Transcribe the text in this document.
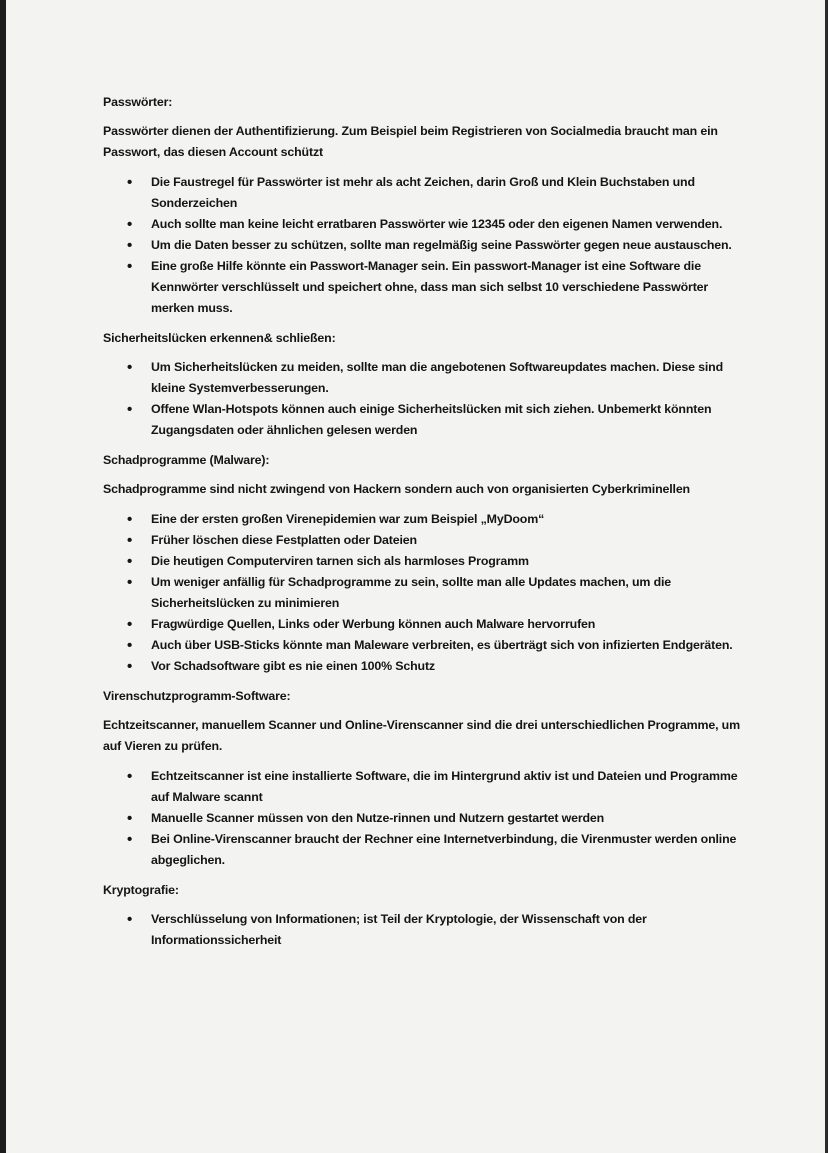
Passwörter:

Passwörter dienen der Authentifizierung. Zum Beispiel beim Registrieren von Socialmedia braucht man ein Passwort, das diesen Account schützt

• Die Faustregel für Passwörter ist mehr als acht Zeichen, darin Groß und Klein Buchstaben und Sonderzeichen
• Auch sollte man keine leicht erratbaren Passwörter wie 12345 oder den eigenen Namen verwenden.
• Um die Daten besser zu schützen, sollte man regelmäßig seine Passwörter gegen neue austauschen.
• Eine große Hilfe könnte ein Passwort-Manager sein. Ein passwort-Manager ist eine Software die Kennwörter verschlüsselt und speichert ohne, dass man sich selbst 10 verschiedene Passwörter merken muss.

Sicherheitslücken erkennen& schließen:

• Um Sicherheitslücken zu meiden, sollte man die angebotenen Softwareupdates machen. Diese sind kleine Systemverbesserungen.
• Offene Wlan-Hotspots können auch einige Sicherheitslücken mit sich ziehen. Unbemerkt könnten Zugangsdaten oder ähnlichen gelesen werden

Schadprogramme (Malware):

Schadprogramme sind nicht zwingend von Hackern sondern auch von organisierten Cyberkriminellen

• Eine der ersten großen Virenepidemien war zum Beispiel „MyDoom“
• Früher löschen diese Festplatten oder Dateien
• Die heutigen Computerviren tarnen sich als harmloses Programm
• Um weniger anfällig für Schadprogramme zu sein, sollte man alle Updates machen, um die Sicherheitslücken zu minimieren
• Fragwürdige Quellen, Links oder Werbung können auch Malware hervorrufen
• Auch über USB-Sticks könnte man Maleware verbreiten, es überträgt sich von infizierten Endgeräten.
• Vor Schadsoftware gibt es nie einen 100% Schutz

Virenschutzprogramm-Software:

Echtzeitscanner, manuellem Scanner und Online-Virenscanner sind die drei unterschiedlichen Programme, um auf Vieren zu prüfen.

• Echtzeitscanner ist eine installierte Software, die im Hintergrund aktiv ist und Dateien und Programme auf Malware scannt
• Manuelle Scanner müssen von den Nutze-rinnen und Nutzern gestartet werden
• Bei Online-Virenscanner braucht der Rechner eine Internetverbindung, die Virenmuster werden online abgeglichen.

Kryptografie:

• Verschlüsselung von Informationen; ist Teil der Kryptologie, der Wissenschaft von der Informationssicherheit
